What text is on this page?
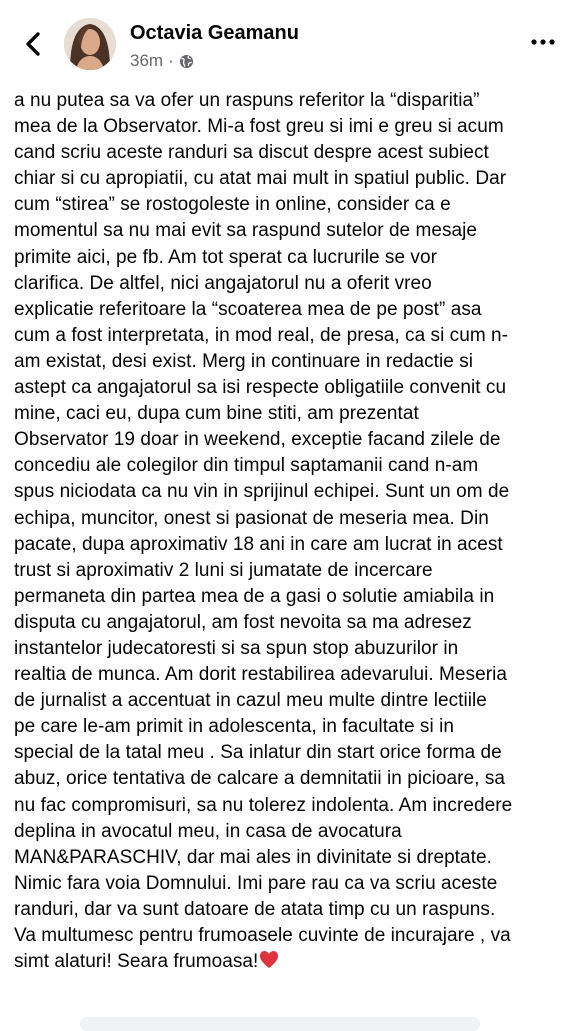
Octavia Geamanu
36m ·
a nu putea sa va ofer un raspuns referitor la “disparitia”
mea de la Observator. Mi-a fost greu si imi e greu si acum
cand scriu aceste randuri sa discut despre acest subiect
chiar si cu apropiatii, cu atat mai mult in spatiul public. Dar
cum “stirea” se rostogoleste in online, consider ca e
momentul sa nu mai evit sa raspund sutelor de mesaje
primite aici, pe fb. Am tot sperat ca lucrurile se vor
clarifica. De altfel, nici angajatorul nu a oferit vreo
explicatie referitoare la “scoaterea mea de pe post” asa
cum a fost interpretata, in mod real, de presa, ca si cum n-
am existat, desi exist. Merg in continuare in redactie si
astept ca angajatorul sa isi respecte obligatiile convenit cu
mine, caci eu, dupa cum bine stiti, am prezentat
Observator 19 doar in weekend, exceptie facand zilele de
concediu ale colegilor din timpul saptamanii cand n-am
spus niciodata ca nu vin in sprijinul echipei. Sunt un om de
echipa, muncitor, onest si pasionat de meseria mea. Din
pacate, dupa aproximativ 18 ani in care am lucrat in acest
trust si aproximativ 2 luni si jumatate de incercare
permaneta din partea mea de a gasi o solutie amiabila in
disputa cu angajatorul, am fost nevoita sa ma adresez
instantelor judecatoresti si sa spun stop abuzurilor in
realtia de munca. Am dorit restabilirea adevarului. Meseria
de jurnalist a accentuat in cazul meu multe dintre lectiile
pe care le-am primit in adolescenta, in facultate si in
special de la tatal meu . Sa inlatur din start orice forma de
abuz, orice tentativa de calcare a demnitatii in picioare, sa
nu fac compromisuri, sa nu tolerez indolenta. Am incredere
deplina in avocatul meu, in casa de avocatura
MAN&PARASCHIV, dar mai ales in divinitate si dreptate.
Nimic fara voia Domnului. Imi pare rau ca va scriu aceste
randuri, dar va sunt datoare de atata timp cu un raspuns.
Va multumesc pentru frumoasele cuvinte de incurajare , va
simt alaturi! Seara frumoasa!
